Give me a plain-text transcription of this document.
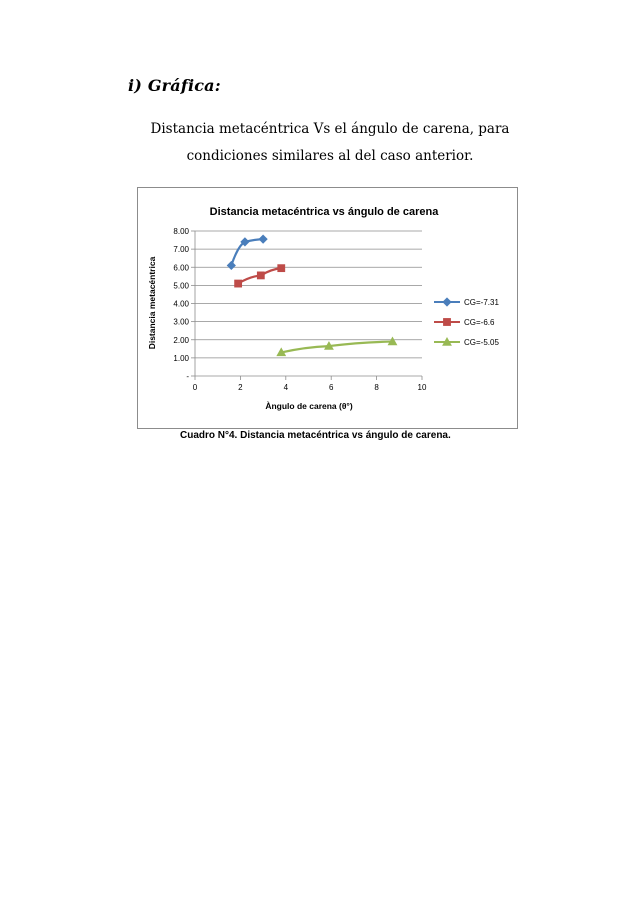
i) Gráfica:
Distancia metacéntrica Vs el ángulo de carena, para
condiciones similares al del caso anterior.
Distancia metacéntrica vs ángulo de carena
-
1.00
2.00
3.00
4.00
5.00
6.00
7.00
8.00
0	2	4	6	8	10
Distancia metacéntrica
Àngulo de carena (θ°)
CG=-7.31
CG=-6.6
CG=-5.05
Cuadro N°4. Distancia metacéntrica vs ángulo de carena.
